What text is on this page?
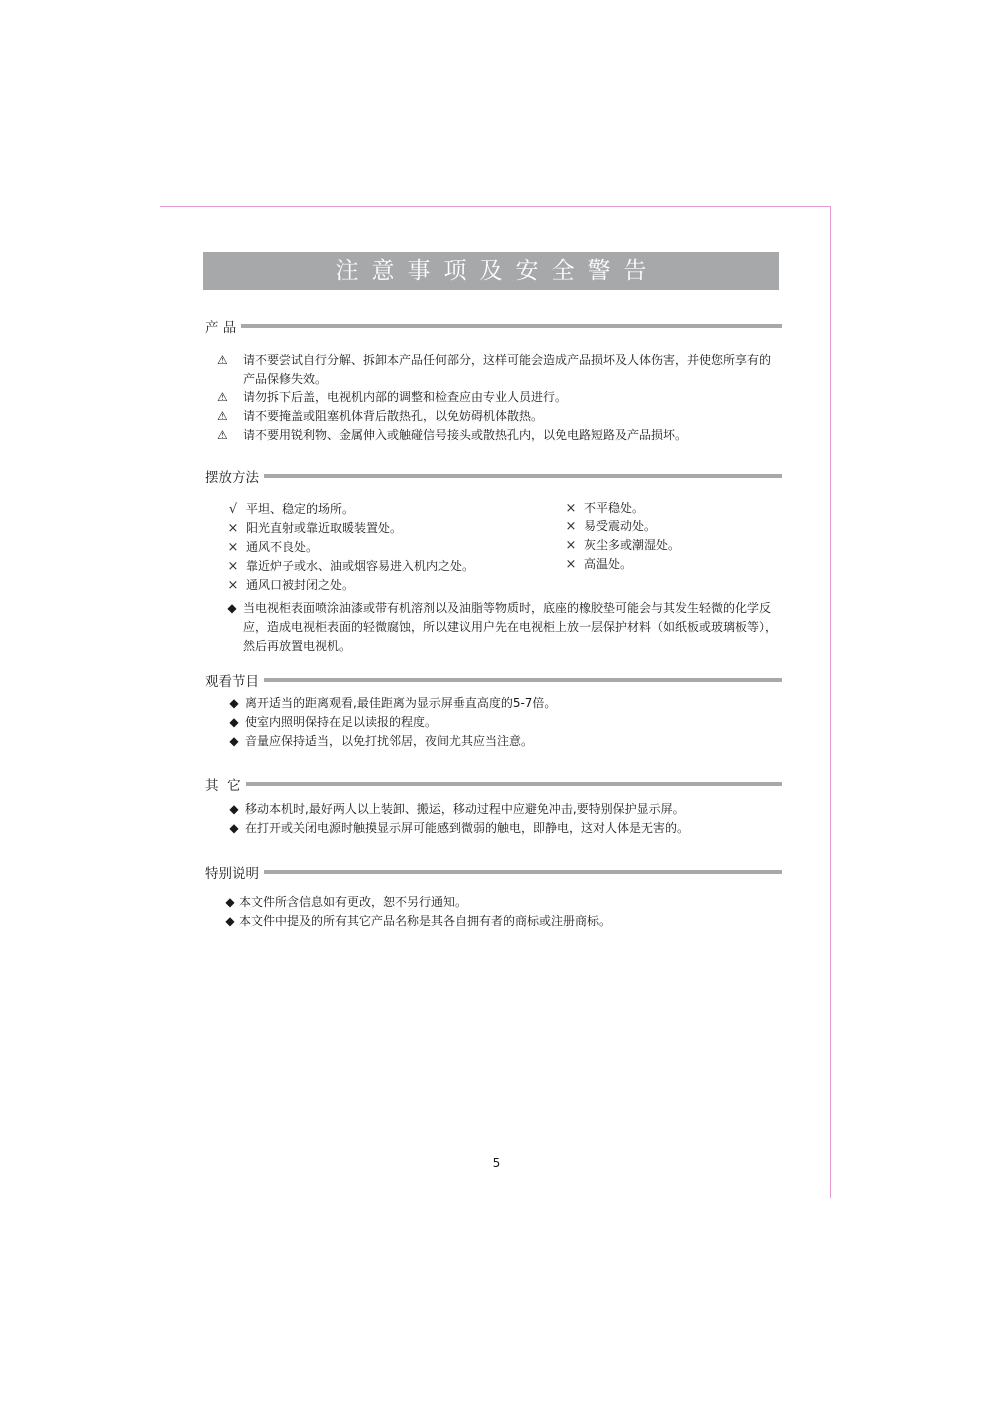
注意事项及安全警告
产 品
⚠	请不要尝试自行分解、拆卸本产品任何部分，这样可能会造成产品损坏及人体伤害，并使您所享有的产品保修失效。
⚠	请勿拆下后盖，电视机内部的调整和检查应由专业人员进行。
⚠	请不要掩盖或阻塞机体背后散热孔，以免妨碍机体散热。
⚠	请不要用锐利物、金属伸入或触碰信号接头或散热孔内，以免电路短路及产品损坏。
摆放方法
√ 平坦、稳定的场所。
× 阳光直射或靠近取暖装置处。
× 通风不良处。
× 靠近炉子或水、油或烟容易进入机内之处。
× 通风口被封闭之处。
× 不平稳处。
× 易受震动处。
× 灰尘多或潮湿处。
× 高温处。
◆ 当电视柜表面喷涂油漆或带有机溶剂以及油脂等物质时，底座的橡胶垫可能会与其发生轻微的化学反应，造成电视柜表面的轻微腐蚀，所以建议用户先在电视柜上放一层保护材料（如纸板或玻璃板等），然后再放置电视机。
观看节目
◆ 离开适当的距离观看,最佳距离为显示屏垂直高度的5-7倍。
◆ 使室内照明保持在足以读报的程度。
◆ 音量应保持适当，以免打扰邻居，夜间尤其应当注意。
其  它
◆ 移动本机时,最好两人以上装卸、搬运，移动过程中应避免冲击,要特别保护显示屏。
◆ 在打开或关闭电源时触摸显示屏可能感到微弱的触电，即静电，这对人体是无害的。
特别说明
◆ 本文件所含信息如有更改，恕不另行通知。
◆ 本文件中提及的所有其它产品名称是其各自拥有者的商标或注册商标。
5
